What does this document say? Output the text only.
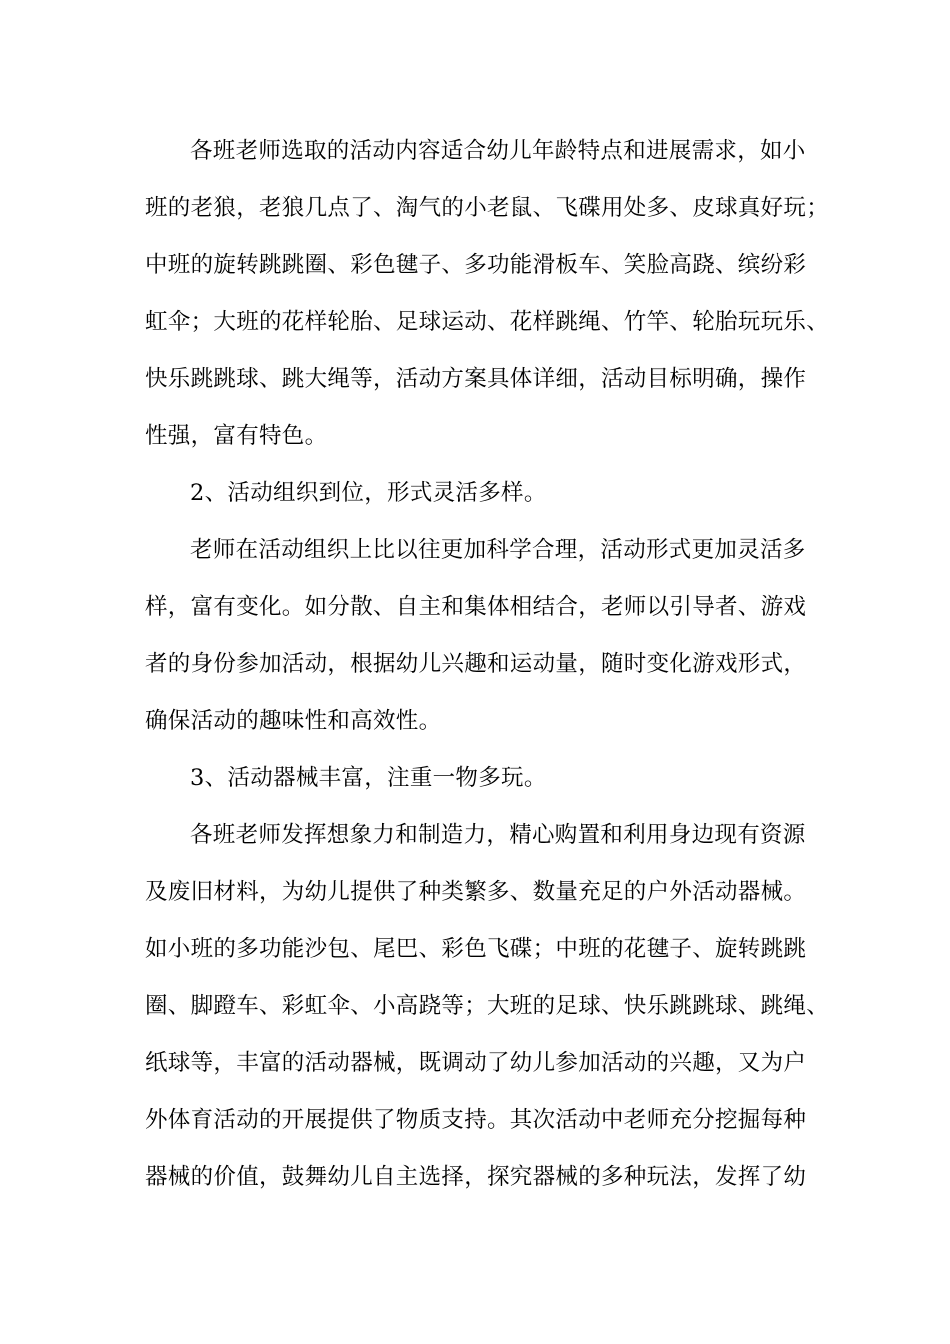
各班老师选取的活动内容适合幼儿年龄特点和进展需求，如小
班的老狼，老狼几点了、淘气的小老鼠、飞碟用处多、皮球真好玩；
中班的旋转跳跳圈、彩色毽子、多功能滑板车、笑脸高跷、缤纷彩
虹伞；大班的花样轮胎、足球运动、花样跳绳、竹竿、轮胎玩玩乐、
快乐跳跳球、跳大绳等，活动方案具体详细，活动目标明确，操作
性强，富有特色。
2、活动组织到位，形式灵活多样。
老师在活动组织上比以往更加科学合理，活动形式更加灵活多
样，富有变化。如分散、自主和集体相结合，老师以引导者、游戏
者的身份参加活动，根据幼儿兴趣和运动量，随时变化游戏形式，
确保活动的趣味性和高效性。
3、活动器械丰富，注重一物多玩。
各班老师发挥想象力和制造力，精心购置和利用身边现有资源
及废旧材料，为幼儿提供了种类繁多、数量充足的户外活动器械。
如小班的多功能沙包、尾巴、彩色飞碟；中班的花毽子、旋转跳跳
圈、脚蹬车、彩虹伞、小高跷等；大班的足球、快乐跳跳球、跳绳、
纸球等，丰富的活动器械，既调动了幼儿参加活动的兴趣，又为户
外体育活动的开展提供了物质支持。其次活动中老师充分挖掘每种
器械的价值，鼓舞幼儿自主选择，探究器械的多种玩法，发挥了幼
